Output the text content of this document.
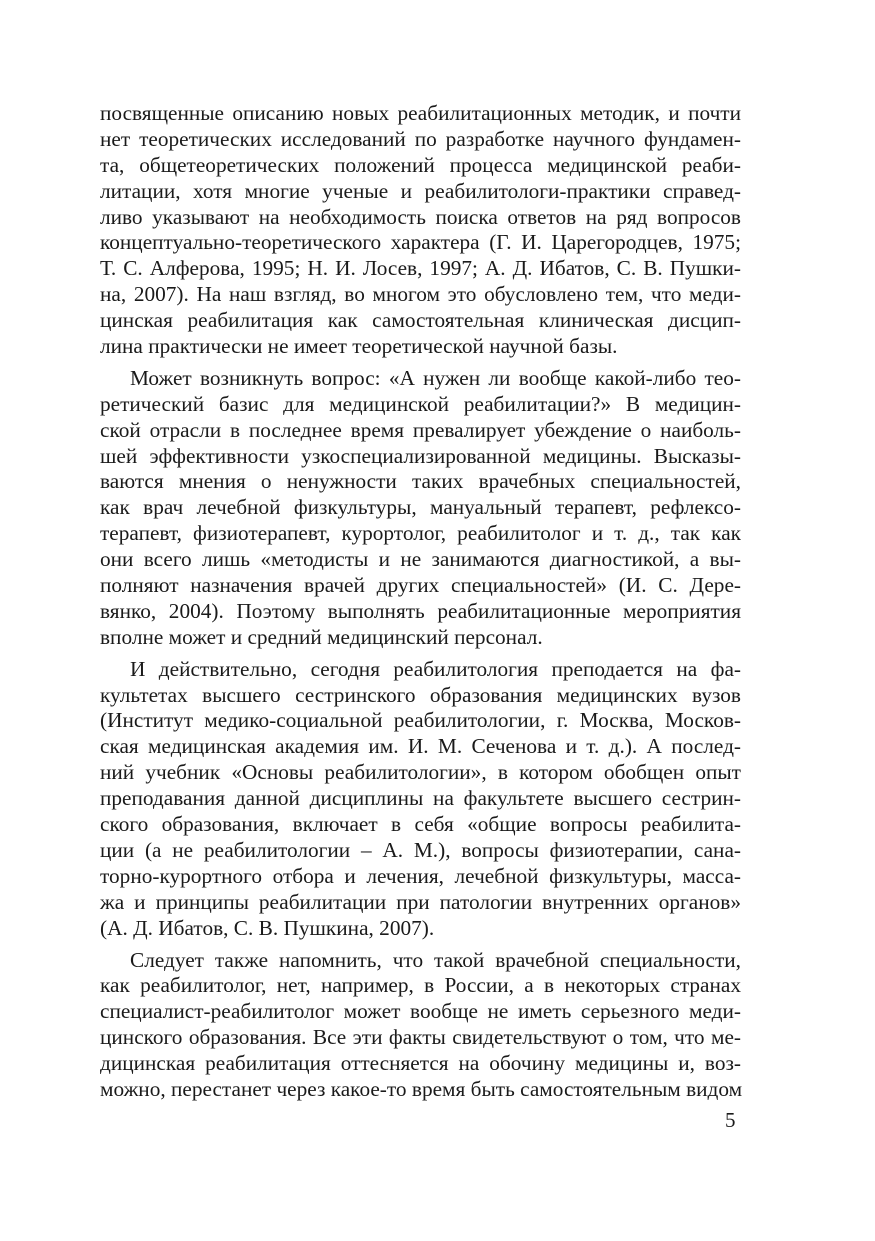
посвященные описанию новых реабилитационных методик, и почти
нет теоретических исследований по разработке научного фундамен-
та, общетеоретических положений процесса медицинской реаби-
литации, хотя многие ученые и реабилитологи-практики справед-
ливо указывают на необходимость поиска ответов на ряд вопросов
концептуально-теоретического характера (Г. И. Царегородцев, 1975;
Т. С. Алферова, 1995; Н. И. Лосев, 1997; А. Д. Ибатов, С. В. Пушки-
на, 2007). На наш взгляд, во многом это обусловлено тем, что меди-
цинская реабилитация как самостоятельная клиническая дисцип-
лина практически не имеет теоретической научной базы.
Может возникнуть вопрос: «А нужен ли вообще какой-либо тео-
ретический базис для медицинской реабилитации?» В медицин-
ской отрасли в последнее время превалирует убеждение о наиболь-
шей эффективности узкоспециализированной медицины. Высказы-
ваются мнения о ненужности таких врачебных специальностей,
как врач лечебной физкультуры, мануальный терапевт, рефлексо-
терапевт, физиотерапевт, курортолог, реабилитолог и т. д., так как
они всего лишь «методисты и не занимаются диагностикой, а вы-
полняют назначения врачей других специальностей» (И. С. Дере-
вянко, 2004). Поэтому выполнять реабилитационные мероприятия
вполне может и средний медицинский персонал.
И действительно, сегодня реабилитология преподается на фа-
культетах высшего сестринского образования медицинских вузов
(Институт медико-социальной реабилитологии, г. Москва, Москов-
ская медицинская академия им. И. М. Сеченова и т. д.). А послед-
ний учебник «Основы реабилитологии», в котором обобщен опыт
преподавания данной дисциплины на факультете высшего сестрин-
ского образования, включает в себя «общие вопросы реабилита-
ции (а не реабилитологии – А. М.), вопросы физиотерапии, сана-
торно-курортного отбора и лечения, лечебной физкультуры, масса-
жа и принципы реабилитации при патологии внутренних органов»
(А. Д. Ибатов, С. В. Пушкина, 2007).
Следует также напомнить, что такой врачебной специальности,
как реабилитолог, нет, например, в России, а в некоторых странах
специалист-реабилитолог может вообще не иметь серьезного меди-
цинского образования. Все эти факты свидетельствуют о том, что ме-
дицинская реабилитация оттесняется на обочину медицины и, воз-
можно, перестанет через какое-то время быть самостоятельным видом
5
